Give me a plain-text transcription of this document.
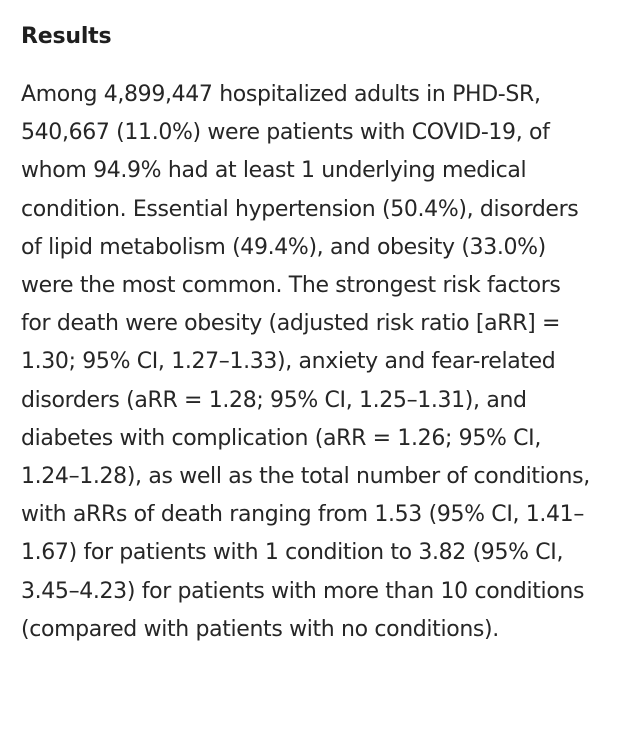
Results

Among 4,899,447 hospitalized adults in PHD-SR, 540,667 (11.0%) were patients with COVID-19, of whom 94.9% had at least 1 underlying medical condition. Essential hypertension (50.4%), disorders of lipid metabolism (49.4%), and obesity (33.0%) were the most common. The strongest risk factors for death were obesity (adjusted risk ratio [aRR] = 1.30; 95% CI, 1.27–1.33), anxiety and fear-related disorders (aRR = 1.28; 95% CI, 1.25–1.31), and diabetes with complication (aRR = 1.26; 95% CI, 1.24–1.28), as well as the total number of conditions, with aRRs of death ranging from 1.53 (95% CI, 1.41–1.67) for patients with 1 condition to 3.82 (95% CI, 3.45–4.23) for patients with more than 10 conditions (compared with patients with no conditions).
